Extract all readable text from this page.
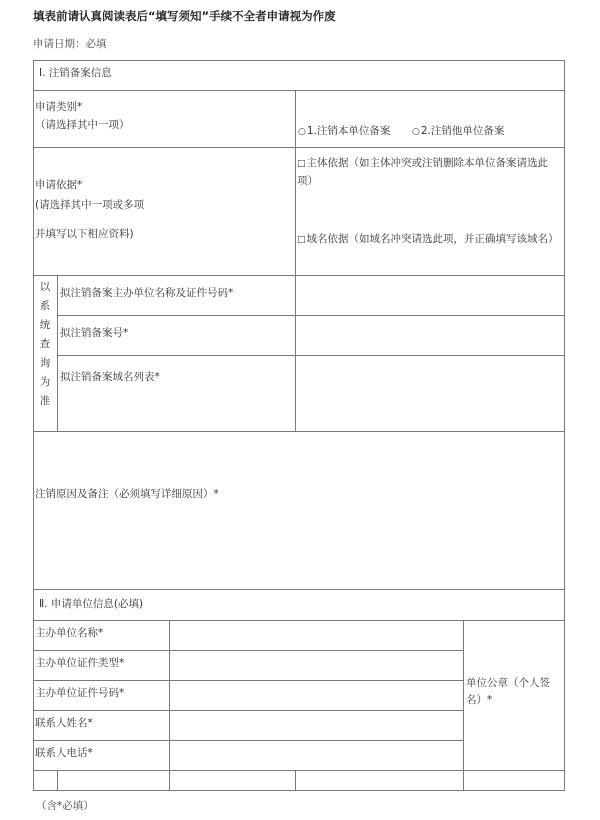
填表前请认真阅读表后“填写须知”手续不全者申请视为作废
申请日期：必填
Ⅰ. 注销备案信息
申请类别*
（请选择其中一项）
○1.注销本单位备案 ○2.注销他单位备案
申请依据*
(请选择其中一项或多项
并填写以下相应资料)
□主体依据（如主体冲突或注销删除本单位备案请选此项）
□域名依据（如域名冲突请选此项，并正确填写该域名）
以系统查询为准
拟注销备案主办单位名称及证件号码*
拟注销备案号*
拟注销备案域名列表*
注销原因及备注（必须填写详细原因）*
Ⅱ. 申请单位信息(必填)
主办单位名称*
主办单位证件类型*
主办单位证件号码*
联系人姓名*
联系人电话*
单位公章（个人签名）*
（含*必填）
